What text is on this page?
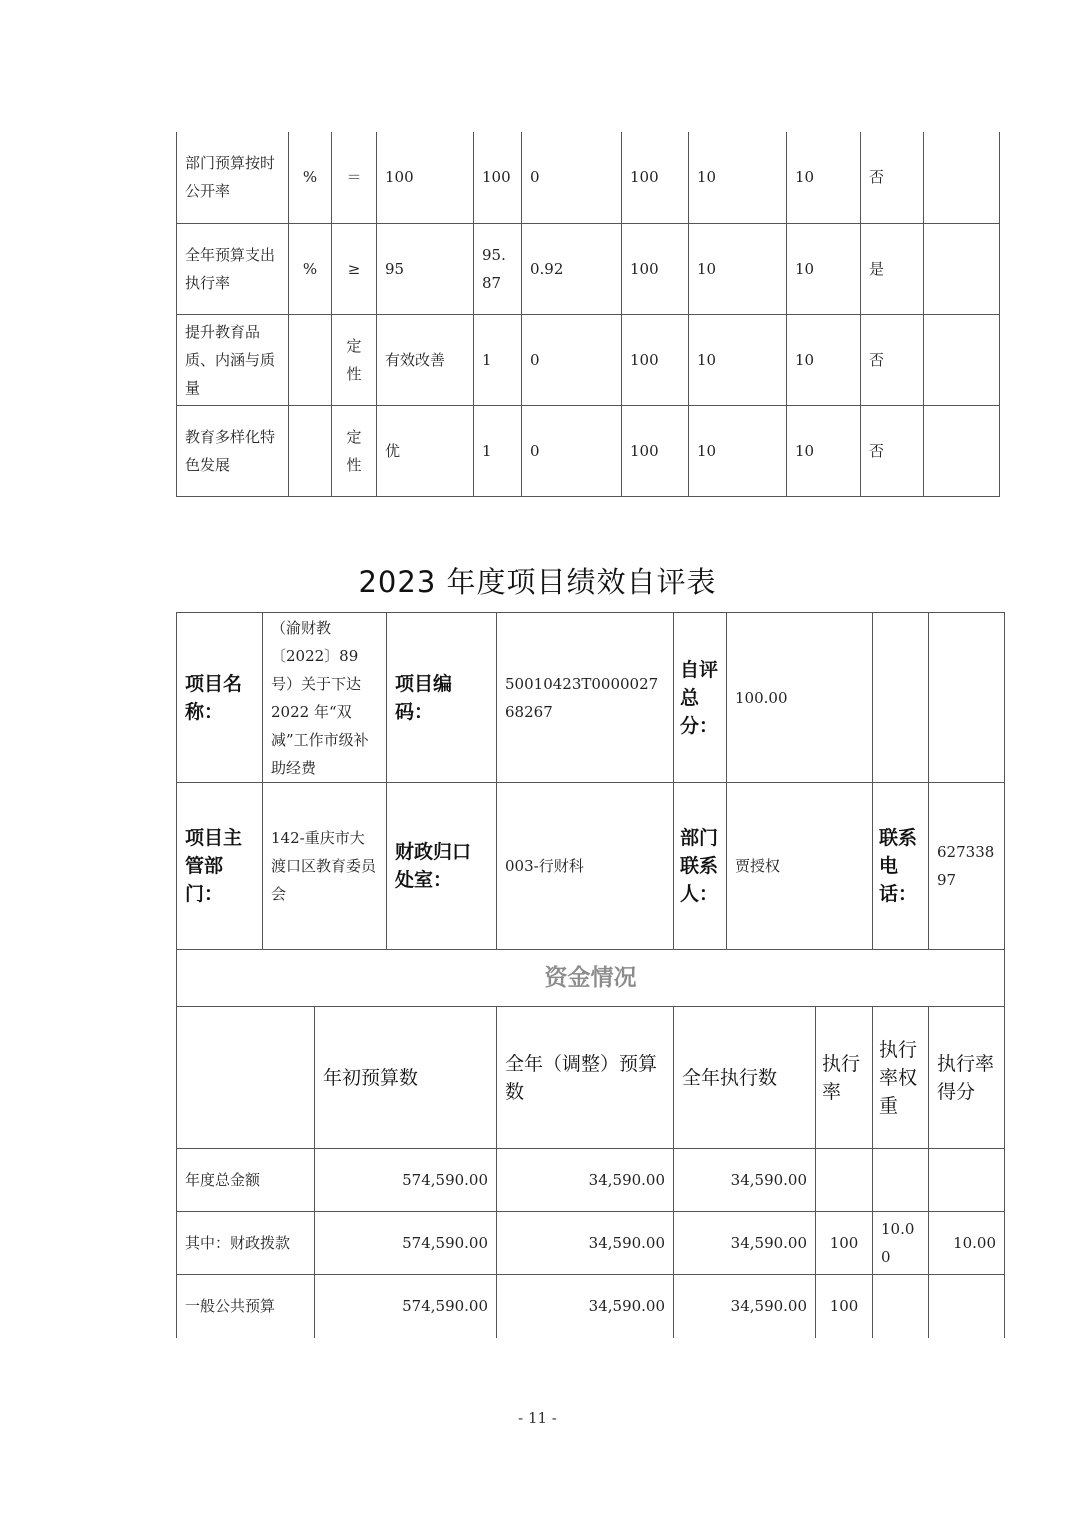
部门预算按时公开率	%	＝	100	100	0	100	10	10	否	
全年预算支出执行率	%	≥	95	95.87	0.92	100	10	10	是	
提升教育品质、内涵与质量		定性	有效改善	1	0	100	10	10	否	
教育多样化特色发展		定性	优	1	0	100	10	10	否	
2023 年度项目绩效自评表
项目名称：	（渝财教〔2022〕89 号）关于下达 2022 年“双减”工作市级补助经费		项目编码：	50010423T000002768267	自评总分：	100.00			
项目主管部门：	142-重庆市大渡口区教育委员会		财政归口处室：	003-行财科	部门联系人：	贾授权		联系电话：	62733897
资金情况									
		年初预算数		全年（调整）预算数	全年执行数		执行率	执行率权重	执行率得分
年度总金额		574,590.00		34,590.00	34,590.00				
其中：财政拨款		574,590.00		34,590.00	34,590.00		100	10.00	10.00
一般公共预算		574,590.00		34,590.00	34,590.00		100		
- 11 -
